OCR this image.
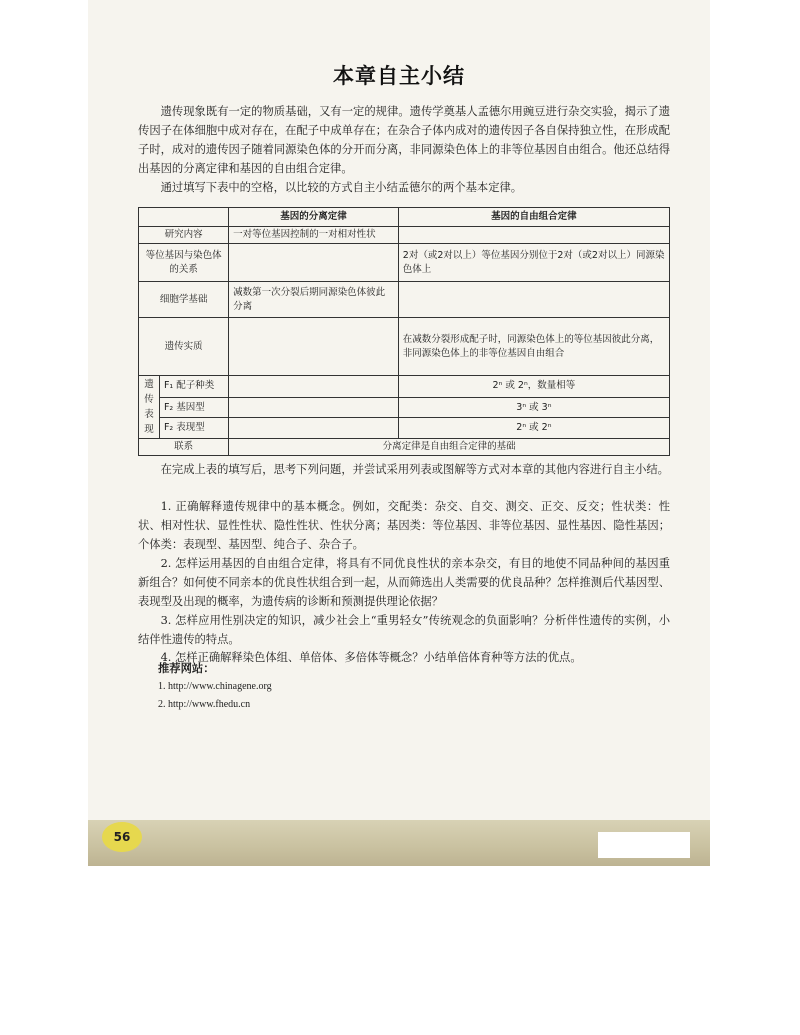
本章自主小结

遗传现象既有一定的物质基础，又有一定的规律。遗传学奠基人孟德尔用豌豆进行杂交实验，揭示了遗传因子在体细胞中成对存在，在配子中成单存在；在杂合子体内成对的遗传因子各自保持独立性，在形成配子时，成对的遗传因子随着同源染色体的分开而分离，非同源染色体上的非等位基因自由组合。他还总结得出基因的分离定律和基因的自由组合定律。

通过填写下表中的空格，以比较的方式自主小结孟德尔的两个基本定律。

		基因的分离定律	基因的自由组合定律
研究内容		一对等位基因控制的一对相对性状	
等位基因与染色体的关系			2对（或2对以上）等位基因分别位于2对（或2对以上）同源染色体上
细胞学基础		减数第一次分裂后期同源染色体彼此分离	
遗传实质			在减数分裂形成配子时，同源染色体上的等位基因彼此分离，非同源染色体上的非等位基因自由组合
遗传表现	F₁ 配子种类		2ⁿ 或 2ⁿ，数量相等
	F₂ 基因型		3ⁿ 或 3ⁿ
	F₂ 表现型		2ⁿ 或 2ⁿ
联系		分离定律是自由组合定律的基础	

在完成上表的填写后，思考下列问题，并尝试采用列表或图解等方式对本章的其他内容进行自主小结。

1. 正确解释遗传规律中的基本概念。例如，交配类：杂交、自交、测交、正交、反交；性状类：性状、相对性状、显性性状、隐性性状、性状分离；基因类：等位基因、非等位基因、显性基因、隐性基因；个体类：表现型、基因型、纯合子、杂合子。

2. 怎样运用基因的自由组合定律，将具有不同优良性状的亲本杂交，有目的地使不同品种间的基因重新组合？如何使不同亲本的优良性状组合到一起，从而筛选出人类需要的优良品种？怎样推测后代基因型、表现型及出现的概率，为遗传病的诊断和预测提供理论依据？

3. 怎样应用性别决定的知识，减少社会上“重男轻女”传统观念的负面影响？分析伴性遗传的实例，小结伴性遗传的特点。

4. 怎样正确解释染色体组、单倍体、多倍体等概念？小结单倍体育种等方法的优点。

推荐网站：
1. http://www.chinagene.org
2. http://www.fhedu.cn
56
